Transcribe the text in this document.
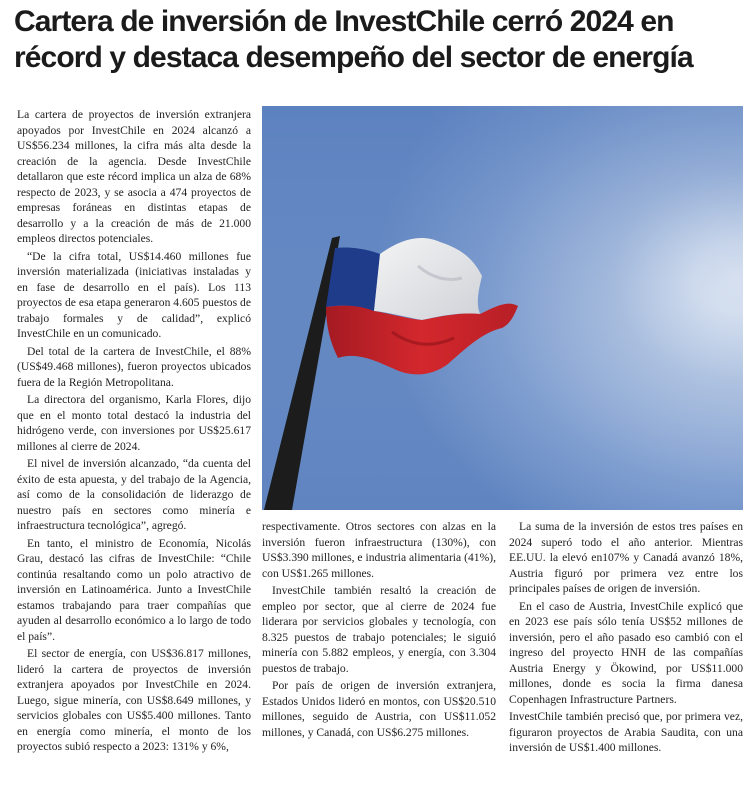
Cartera de inversión de InvestChile cerró 2024 en récord y destaca desempeño del sector de energía

La cartera de proyectos de inversión extranjera apoyados por InvestChile en 2024 alcanzó a US$56.234 millones, la cifra más alta desde la creación de la agencia. Desde InvestChile detallaron que este récord implica un alza de 68% respecto de 2023, y se asocia a 474 proyectos de empresas foráneas en distintas etapas de desarrollo y a la creación de más de 21.000 empleos directos potenciales.

“De la cifra total, US$14.460 millones fue inversión materializada (iniciativas instaladas y en fase de desarrollo en el país). Los 113 proyectos de esa etapa generaron 4.605 puestos de trabajo formales y de calidad”, explicó InvestChile en un comunicado.

Del total de la cartera de InvestChile, el 88% (US$49.468 millones), fueron proyectos ubicados fuera de la Región Metropolitana.

La directora del organismo, Karla Flores, dijo que en el monto total destacó la industria del hidrógeno verde, con inversiones por US$25.617 millones al cierre de 2024.

El nivel de inversión alcanzado, “da cuenta del éxito de esta apuesta, y del trabajo de la Agencia, así como de la consolidación de liderazgo de nuestro país en sectores como minería e infraestructura tecnológica”, agregó.

En tanto, el ministro de Economía, Nicolás Grau, destacó las cifras de InvestChile: “Chile continúa resaltando como un polo atractivo de inversión en Latinoamérica. Junto a InvestChile estamos trabajando para traer compañías que ayuden al desarrollo económico a lo largo de todo el país”.

El sector de energía, con US$36.817 millones, lideró la cartera de proyectos de inversión extranjera apoyados por InvestChile en 2024. Luego, sigue minería, con US$8.649 millones, y servicios globales con US$5.400 millones. Tanto en energía como minería, el monto de los proyectos subió respecto a 2023: 131% y 6%,

respectivamente. Otros sectores con alzas en la inversión fueron infraestructura (130%), con US$3.390 millones, e industria alimentaria (41%), con US$1.265 millones.

InvestChile también resaltó la creación de empleo por sector, que al cierre de 2024 fue liderara por servicios globales y tecnología, con 8.325 puestos de trabajo potenciales; le siguió minería con 5.882 empleos, y energía, con 3.304 puestos de trabajo.

Por país de origen de inversión extranjera, Estados Unidos lideró en montos, con US$20.510 millones, seguido de Austria, con US$11.052 millones, y Canadá, con US$6.275 millones.

La suma de la inversión de estos tres países en 2024 superó todo el año anterior. Mientras EE.UU. la elevó en107% y Canadá avanzó 18%, Austria figuró por primera vez entre los principales países de origen de inversión.

En el caso de Austria, InvestChile explicó que en 2023 ese país sólo tenía US$52 millones de inversión, pero el año pasado eso cambió con el ingreso del proyecto HNH de las compañías Austria Energy y Ökowind, por US$11.000 millones, donde es socia la firma danesa Copenhagen Infrastructure Partners.

InvestChile también precisó que, por primera vez, figuraron proyectos de Arabia Saudita, con una inversión de US$1.400 millones.
